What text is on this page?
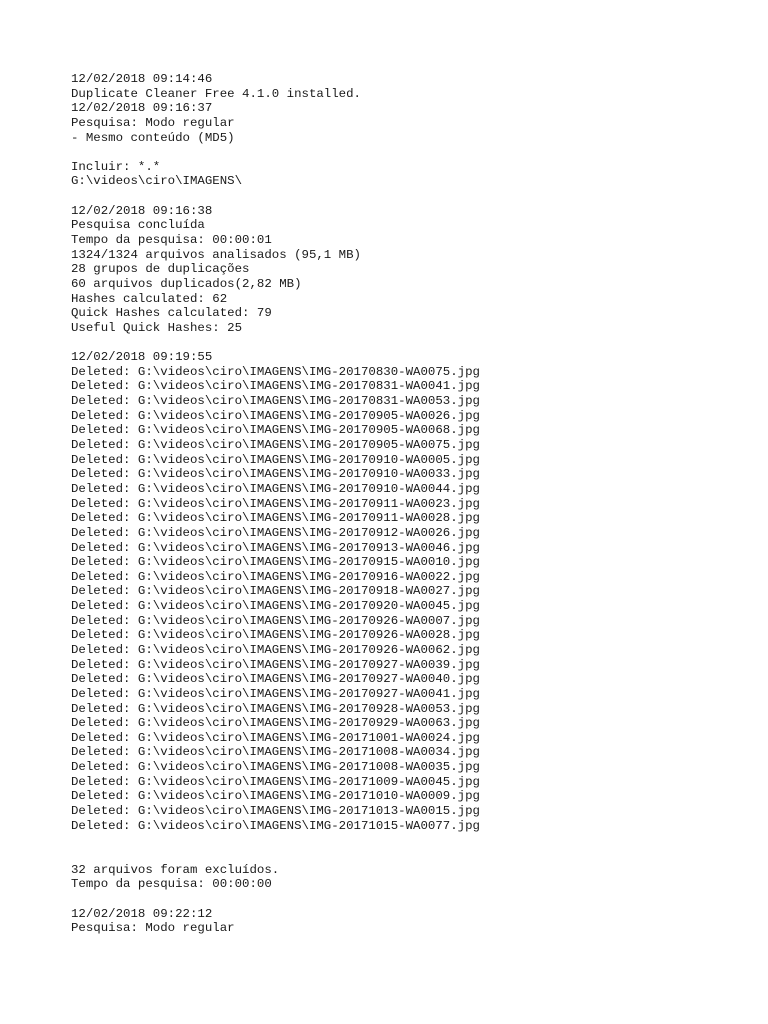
12/02/2018 09:14:46
Duplicate Cleaner Free 4.1.0 installed.
12/02/2018 09:16:37
Pesquisa: Modo regular
- Mesmo conteúdo (MD5)
Incluir: *.*
G:\videos\ciro\IMAGENS\
12/02/2018 09:16:38
Pesquisa concluída
Tempo da pesquisa: 00:00:01
1324/1324 arquivos analisados (95,1 MB)
28 grupos de duplicações
60 arquivos duplicados(2,82 MB)
Hashes calculated: 62
Quick Hashes calculated: 79
Useful Quick Hashes: 25
12/02/2018 09:19:55
Deleted: G:\videos\ciro\IMAGENS\IMG-20170830-WA0075.jpg
Deleted: G:\videos\ciro\IMAGENS\IMG-20170831-WA0041.jpg
Deleted: G:\videos\ciro\IMAGENS\IMG-20170831-WA0053.jpg
Deleted: G:\videos\ciro\IMAGENS\IMG-20170905-WA0026.jpg
Deleted: G:\videos\ciro\IMAGENS\IMG-20170905-WA0068.jpg
Deleted: G:\videos\ciro\IMAGENS\IMG-20170905-WA0075.jpg
Deleted: G:\videos\ciro\IMAGENS\IMG-20170910-WA0005.jpg
Deleted: G:\videos\ciro\IMAGENS\IMG-20170910-WA0033.jpg
Deleted: G:\videos\ciro\IMAGENS\IMG-20170910-WA0044.jpg
Deleted: G:\videos\ciro\IMAGENS\IMG-20170911-WA0023.jpg
Deleted: G:\videos\ciro\IMAGENS\IMG-20170911-WA0028.jpg
Deleted: G:\videos\ciro\IMAGENS\IMG-20170912-WA0026.jpg
Deleted: G:\videos\ciro\IMAGENS\IMG-20170913-WA0046.jpg
Deleted: G:\videos\ciro\IMAGENS\IMG-20170915-WA0010.jpg
Deleted: G:\videos\ciro\IMAGENS\IMG-20170916-WA0022.jpg
Deleted: G:\videos\ciro\IMAGENS\IMG-20170918-WA0027.jpg
Deleted: G:\videos\ciro\IMAGENS\IMG-20170920-WA0045.jpg
Deleted: G:\videos\ciro\IMAGENS\IMG-20170926-WA0007.jpg
Deleted: G:\videos\ciro\IMAGENS\IMG-20170926-WA0028.jpg
Deleted: G:\videos\ciro\IMAGENS\IMG-20170926-WA0062.jpg
Deleted: G:\videos\ciro\IMAGENS\IMG-20170927-WA0039.jpg
Deleted: G:\videos\ciro\IMAGENS\IMG-20170927-WA0040.jpg
Deleted: G:\videos\ciro\IMAGENS\IMG-20170927-WA0041.jpg
Deleted: G:\videos\ciro\IMAGENS\IMG-20170928-WA0053.jpg
Deleted: G:\videos\ciro\IMAGENS\IMG-20170929-WA0063.jpg
Deleted: G:\videos\ciro\IMAGENS\IMG-20171001-WA0024.jpg
Deleted: G:\videos\ciro\IMAGENS\IMG-20171008-WA0034.jpg
Deleted: G:\videos\ciro\IMAGENS\IMG-20171008-WA0035.jpg
Deleted: G:\videos\ciro\IMAGENS\IMG-20171009-WA0045.jpg
Deleted: G:\videos\ciro\IMAGENS\IMG-20171010-WA0009.jpg
Deleted: G:\videos\ciro\IMAGENS\IMG-20171013-WA0015.jpg
Deleted: G:\videos\ciro\IMAGENS\IMG-20171015-WA0077.jpg
32 arquivos foram excluídos.
Tempo da pesquisa: 00:00:00
12/02/2018 09:22:12
Pesquisa: Modo regular
